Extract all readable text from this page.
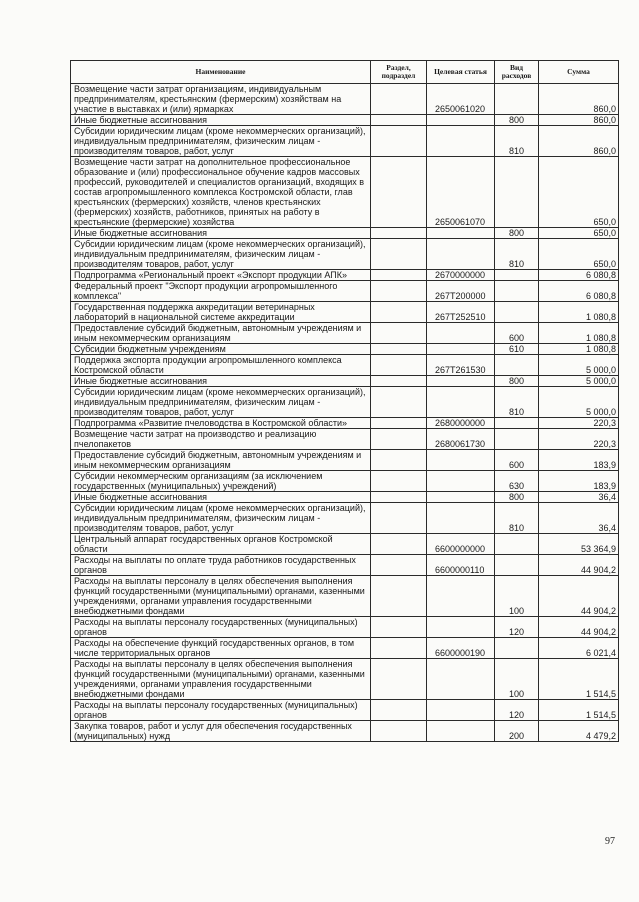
Наименование	Раздел, подраздел	Целевая статья	Вид расходов	Сумма
Возмещение части затрат организациям, индивидуальным предпринимателям, крестьянским (фермерским) хозяйствам на участие в выставках и (или) ярмарках		2650061020		860,0
Иные бюджетные ассигнования			800	860,0
Субсидии юридическим лицам (кроме некоммерческих организаций), индивидуальным предпринимателям, физическим лицам - производителям товаров, работ, услуг			810	860,0
Возмещение части затрат на дополнительное профессиональное образование и (или) профессиональное обучение кадров массовых профессий, руководителей и специалистов организаций, входящих в состав агропромышленного комплекса Костромской области, глав крестьянских (фермерских) хозяйств, членов крестьянских (фермерских) хозяйств, работников, принятых на работу в крестьянские (фермерские) хозяйства		2650061070		650,0
Иные бюджетные ассигнования			800	650,0
Субсидии юридическим лицам (кроме некоммерческих организаций), индивидуальным предпринимателям, физическим лицам - производителям товаров, работ, услуг			810	650,0
Подпрограмма «Региональный проект «Экспорт продукции АПК»		2670000000		6 080,8
Федеральный проект "Экспорт продукции агропромышленного комплекса"		267T200000		6 080,8
Государственная поддержка аккредитации ветеринарных лабораторий в национальной системе аккредитации		267T252510		1 080,8
Предоставление субсидий бюджетным, автономным учреждениям и иным некоммерческим организациям			600	1 080,8
Субсидии бюджетным учреждениям			610	1 080,8
Поддержка экспорта продукции агропромышленного комплекса Костромской области		267T261530		5 000,0
Иные бюджетные ассигнования			800	5 000,0
Субсидии юридическим лицам (кроме некоммерческих организаций), индивидуальным предпринимателям, физическим лицам - производителям товаров, работ, услуг			810	5 000,0
Подпрограмма «Развитие пчеловодства в Костромской области»		2680000000		220,3
Возмещение части затрат на производство и реализацию пчелопакетов		2680061730		220,3
Предоставление субсидий бюджетным, автономным учреждениям и иным некоммерческим организациям			600	183,9
Субсидии некоммерческим организациям (за исключением государственных (муниципальных) учреждений)			630	183,9
Иные бюджетные ассигнования			800	36,4
Субсидии юридическим лицам (кроме некоммерческих организаций), индивидуальным предпринимателям, физическим лицам - производителям товаров, работ, услуг			810	36,4
Центральный аппарат государственных органов Костромской области		6600000000		53 364,9
Расходы на выплаты по оплате труда работников государственных органов		6600000110		44 904,2
Расходы на выплаты персоналу в целях обеспечения выполнения функций государственными (муниципальными) органами, казенными учреждениями, органами управления государственными внебюджетными фондами			100	44 904,2
Расходы на выплаты персоналу государственных (муниципальных) органов			120	44 904,2
Расходы на обеспечение функций государственных органов, в том числе территориальных органов		6600000190		6 021,4
Расходы на выплаты персоналу в целях обеспечения выполнения функций государственными (муниципальными) органами, казенными учреждениями, органами управления государственными внебюджетными фондами			100	1 514,5
Расходы на выплаты персоналу государственных (муниципальных) органов			120	1 514,5
Закупка товаров, работ и услуг для обеспечения государственных (муниципальных) нужд			200	4 479,2
97
